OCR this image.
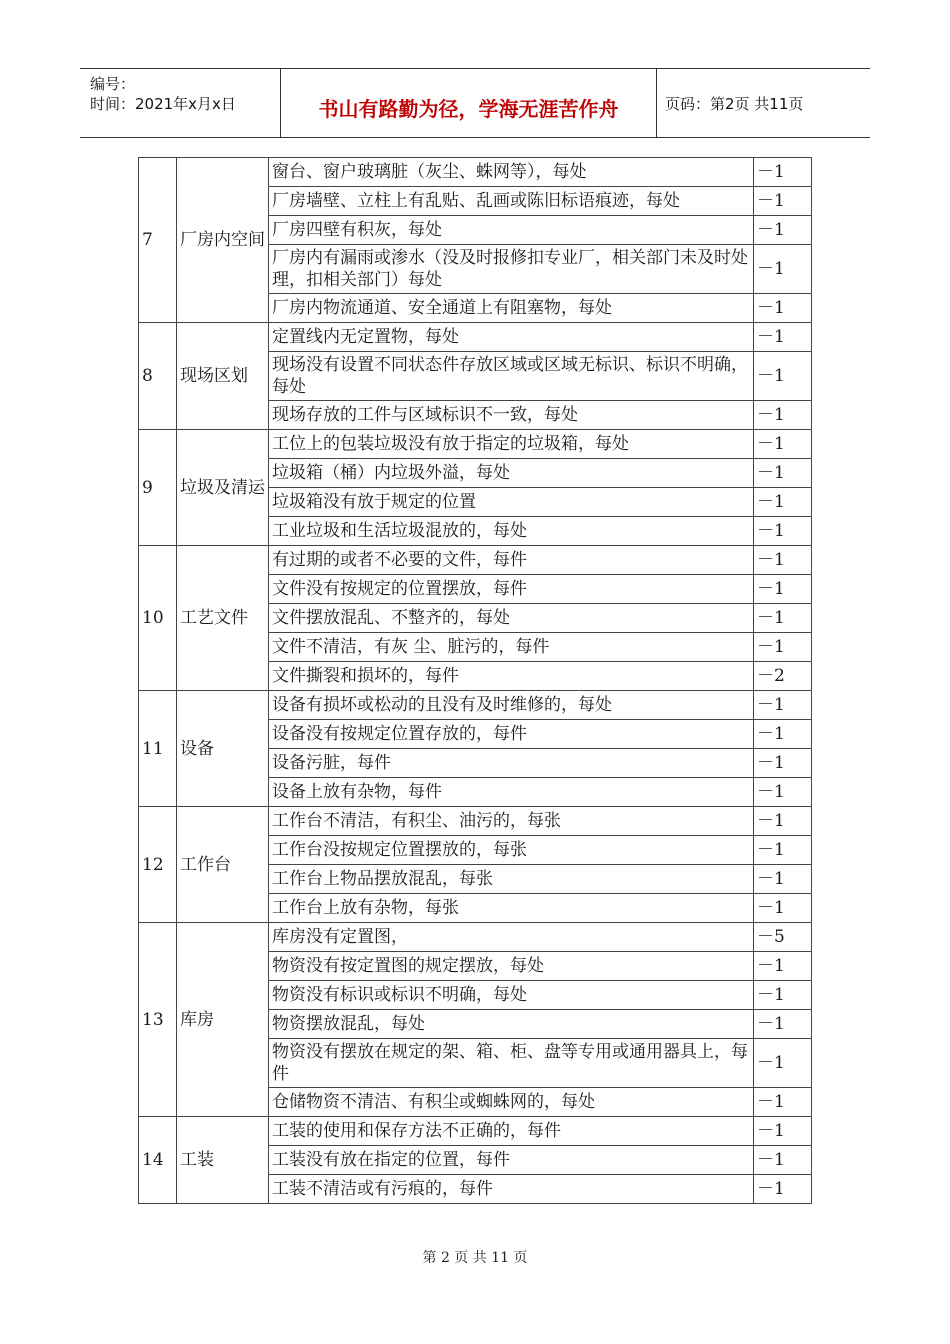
编号：
时间：2021年x月x日	书山有路勤为径，学海无涯苦作舟	页码：第2页 共11页
7	厂房内空间	窗台、窗户玻璃脏（灰尘、蛛网等），每处	－1
		厂房墙壁、立柱上有乱贴、乱画或陈旧标语痕迹，每处	－1
		厂房四壁有积灰，每处	－1
		厂房内有漏雨或渗水（没及时报修扣专业厂，相关部门未及时处理，扣相关部门）每处	－1
		厂房内物流通道、安全通道上有阻塞物，每处	－1
8	现场区划	定置线内无定置物，每处	－1
		现场没有设置不同状态件存放区域或区域无标识、标识不明确，每处	－1
		现场存放的工件与区域标识不一致，每处	－1
9	垃圾及清运	工位上的包装垃圾没有放于指定的垃圾箱，每处	－1
		垃圾箱（桶）内垃圾外溢，每处	－1
		垃圾箱没有放于规定的位置	－1
		工业垃圾和生活垃圾混放的，每处	－1
10	工艺文件	有过期的或者不必要的文件，每件	－1
		文件没有按规定的位置摆放，每件	－1
		文件摆放混乱、不整齐的，每处	－1
		文件不清洁，有灰 尘、脏污的，每件	－1
		文件撕裂和损坏的，每件	－2
11	设备	设备有损坏或松动的且没有及时维修的，每处	－1
		设备没有按规定位置存放的，每件	－1
		设备污脏，每件	－1
		设备上放有杂物，每件	－1
12	工作台	工作台不清洁，有积尘、油污的，每张	－1
		工作台没按规定位置摆放的，每张	－1
		工作台上物品摆放混乱，每张	－1
		工作台上放有杂物，每张	－1
13	库房	库房没有定置图，	－5
		物资没有按定置图的规定摆放，每处	－1
		物资没有标识或标识不明确，每处	－1
		物资摆放混乱，每处	－1
		物资没有摆放在规定的架、箱、柜、盘等专用或通用器具上，每件	－1
		仓储物资不清洁、有积尘或蜘蛛网的，每处	－1
14	工装	工装的使用和保存方法不正确的，每件	－1
		工装没有放在指定的位置，每件	－1
		工装不清洁或有污痕的，每件	－1
第 2 页 共 11 页
